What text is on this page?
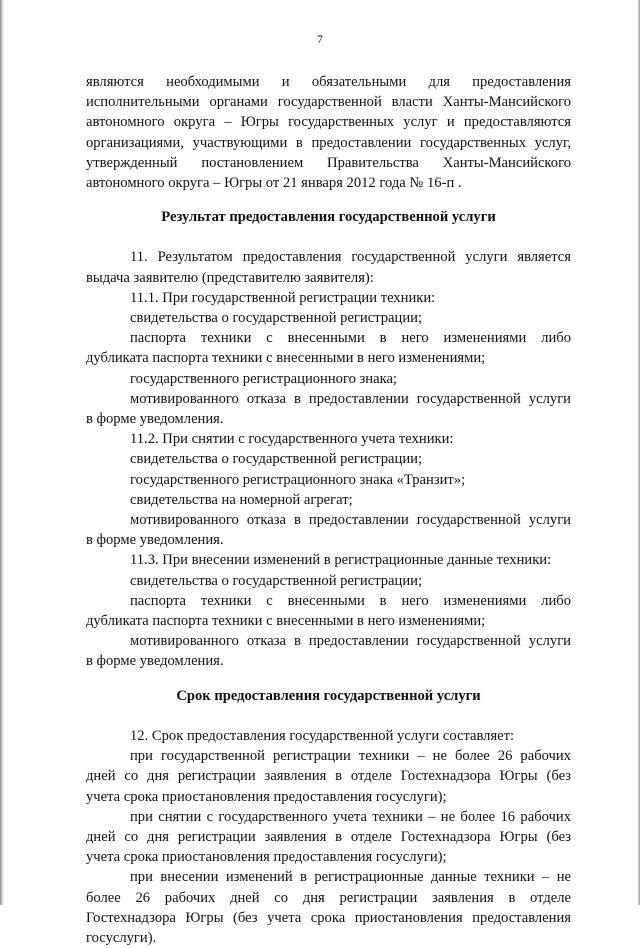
7

являются необходимыми и обязательными для предоставления

исполнительными органами государственной власти Ханты-Мансийского

автономного округа – Югры государственных услуг и предоставляются

организациями, участвующими в предоставлении государственных услуг,

утвержденный постановлением Правительства Ханты-Мансийского

автономного округа – Югры от 21 января 2012 года № 16-п .

Результат предоставления государственной услуги

11. Результатом предоставления государственной услуги является

выдача заявителю (представителю заявителя):

11.1. При государственной регистрации техники:

свидетельства о государственной регистрации;

паспорта техники с внесенными в него изменениями либо

дубликата паспорта техники с внесенными в него изменениями;

государственного регистрационного знака;

мотивированного отказа в предоставлении государственной услуги

в форме уведомления.

11.2. При снятии с государственного учета техники:

свидетельства о государственной регистрации;

государственного регистрационного знака «Транзит»;

свидетельства на номерной агрегат;

мотивированного отказа в предоставлении государственной услуги

в форме уведомления.

11.3. При внесении изменений в регистрационные данные техники:

свидетельства о государственной регистрации;

паспорта техники с внесенными в него изменениями либо

дубликата паспорта техники с внесенными в него изменениями;

мотивированного отказа в предоставлении государственной услуги

в форме уведомления.

Срок предоставления государственной услуги

12. Срок предоставления государственной услуги составляет:

при государственной регистрации техники – не более 26 рабочих

дней со дня регистрации заявления в отделе Гостехнадзора Югры (без

учета срока приостановления предоставления госуслуги);

при снятии с государственного учета техники – не более 16 рабочих

дней со дня регистрации заявления в отделе Гостехнадзора Югры (без

учета срока приостановления предоставления госуслуги);

при внесении изменений в регистрационные данные техники – не

более 26 рабочих дней со дня регистрации заявления в отделе

Гостехнадзора Югры (без учета срока приостановления предоставления

госуслуги).
